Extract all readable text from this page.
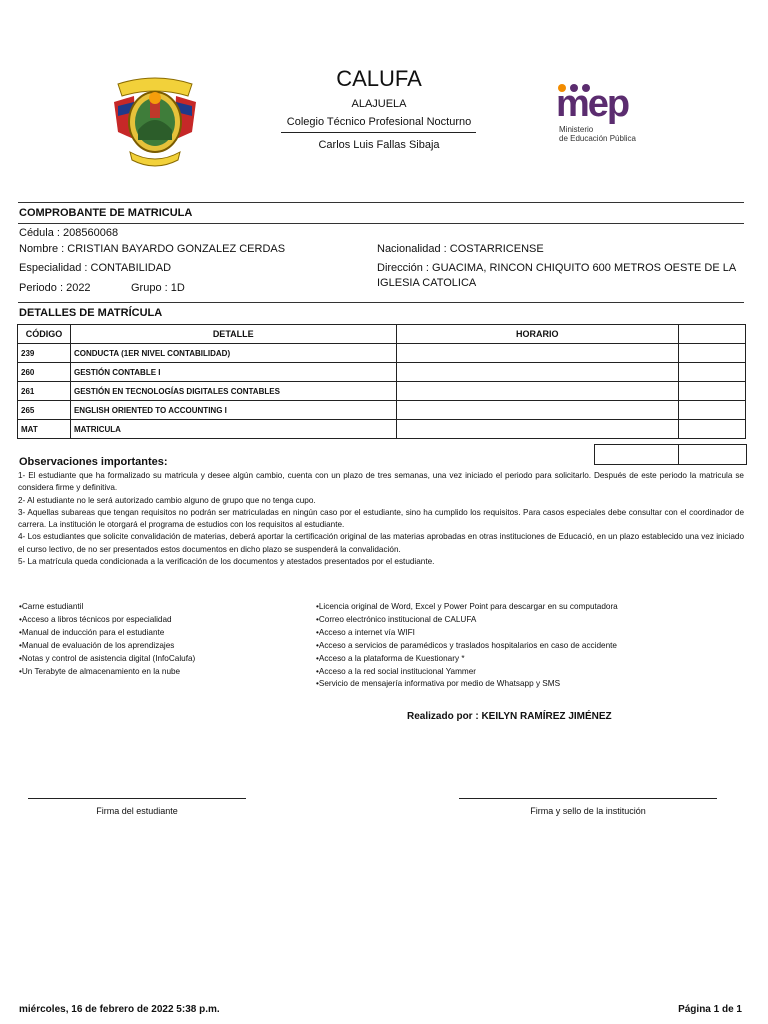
CALUFA
ALAJUELA
Colegio Técnico Profesional Nocturno
Carlos Luis Fallas Sibaja
mep
Ministerio
de Educación Pública
COMPROBANTE DE MATRICULA
Cédula : 208560068
Nombre : CRISTIAN BAYARDO GONZALEZ CERDAS
Especialidad : CONTABILIDAD
Periodo : 2022	Grupo : 1D
Nacionalidad : COSTARRICENSE
Dirección : GUACIMA, RINCON CHIQUITO 600 METROS OESTE DE LA IGLESIA CATOLICA
DETALLES DE MATRÍCULA
CÓDIGO	DETALLE	HORARIO	
239	CONDUCTA (1ER NIVEL CONTABILIDAD)		
260	GESTIÓN CONTABLE I		
261	GESTIÓN EN TECNOLOGÍAS DIGITALES CONTABLES		
265	ENGLISH ORIENTED TO ACCOUNTING I		
MAT	MATRICULA		
Observaciones importantes:

1- El estudiante que ha formalizado su matricula y desee algún cambio, cuenta con un plazo de tres semanas, una vez iniciado el periodo para solicitarlo. Después de este periodo la matricula se considera firme y definitiva.

2- Al estudiante no le será autorizado cambio alguno de grupo que no tenga cupo.

3- Aquellas subareas que tengan requisitos no podrán ser matriculadas en ningún caso por el estudiante, sino ha cumplido los requisitos. Para casos especiales debe consultar con el coordinador de carrera. La institución le otorgará el programa de estudios con los requisitos al estudiante.

4- Los estudiantes que solicite convalidación de materias, deberá aportar la certificación original de las materias aprobadas en otras instituciones de Educació, en un plazo establecido una vez iniciado el curso lectivo, de no ser presentados estos documentos en dicho plazo se suspenderá la convalidación.

5- La matrícula queda condicionada a la verificación de los documentos y atestados presentados por el estudiante.

•Carne estudiantil
•Acceso a libros técnicos por especialidad
•Manual de inducción para el estudiante
•Manual de evaluación de los aprendizajes
•Notas y control de asistencia digital (InfoCalufa)
•Un Terabyte de almacenamiento en la nube
•Licencia original de Word, Excel y Power Point para descargar en su computadora
•Correo electrónico institucional de CALUFA
•Acceso a internet vía WIFI
•Acceso a servicios de paramédicos y traslados hospitalarios en caso de accidente
•Acceso a la plataforma de Kuestionary *
•Acceso a la red social institucional Yammer
•Servicio de mensajería informativa por medio de Whatsapp y SMS
Realizado por : KEILYN RAMÍREZ JIMÉNEZ
Firma del estudiante	Firma y sello de la institución
miércoles, 16 de febrero de 2022 5:38 p.m.	Página 1 de 1
